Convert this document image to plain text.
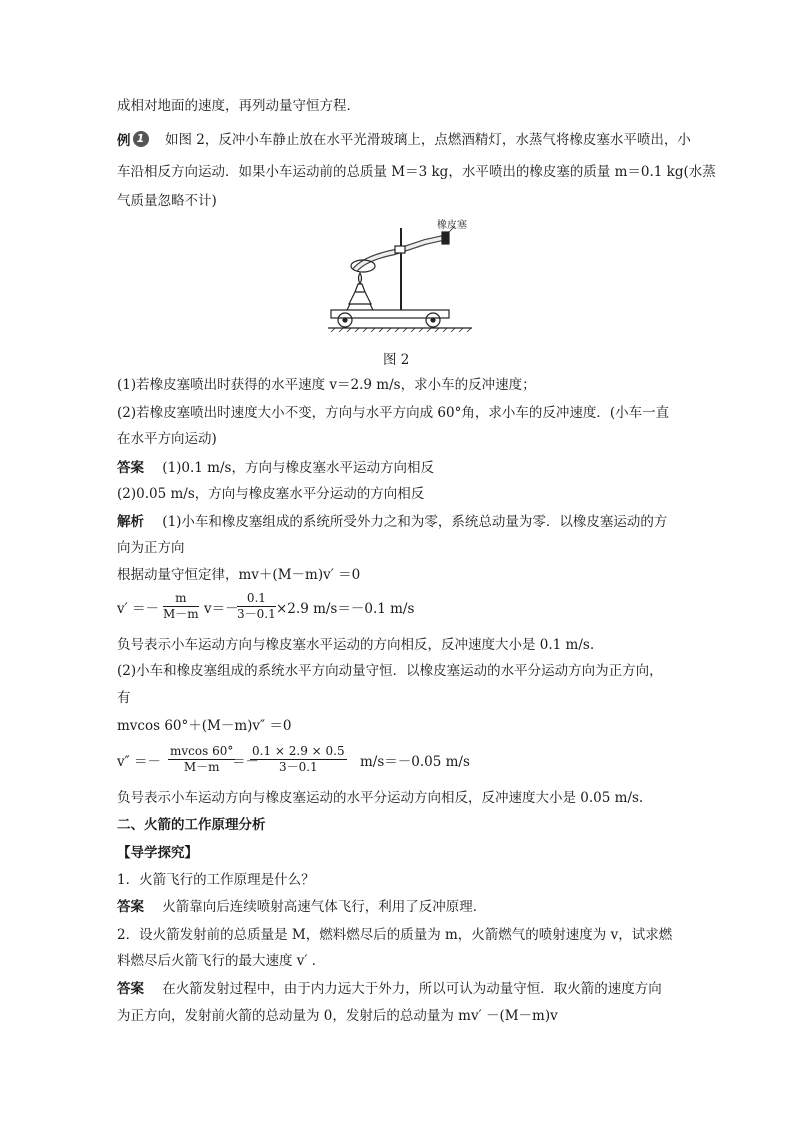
成相对地面的速度，再列动量守恒方程．
例 1	如图 2，反冲小车静止放在水平光滑玻璃上，点燃酒精灯，水蒸气将橡皮塞水平喷出，小
车沿相反方向运动．如果小车运动前的总质量 M＝3 kg，水平喷出的橡皮塞的质量 m＝0.1 kg(水蒸
气质量忽略不计)
橡皮塞
图 2
(1)若橡皮塞喷出时获得的水平速度 v＝2.9 m/s，求小车的反冲速度；
(2)若橡皮塞喷出时速度大小不变，方向与水平方向成 60°角，求小车的反冲速度．(小车一直
在水平方向运动)
答案 (1)0.1 m/s，方向与橡皮塞水平运动方向相反
(2)0.05 m/s，方向与橡皮塞水平分运动的方向相反
解析 (1)小车和橡皮塞组成的系统所受外力之和为零，系统总动量为零．以橡皮塞运动的方
向为正方向
根据动量守恒定律，mv＋(M－m)v′ ＝0
$v' =- \frac{m}{M-m} v=-$
$\frac{0.1}{3-0.1} \times 2.9$ m/s＝－0.1 m/s
负号表示小车运动方向与橡皮塞水平运动的方向相反，反冲速度大小是 0.1 m/s.
(2)小车和橡皮塞组成的系统水平方向动量守恒．以橡皮塞运动的水平分运动方向为正方向，
有
mvcos 60°＋(M－m)v″ ＝0
$v'' =- \frac{mvcos 60^\circ}{M-m}$
＝－
$\frac{0.1 \times 2.9 \times 0.5}{3-0.1} m/s=-0.05$ m/s
负号表示小车运动方向与橡皮塞运动的水平分运动方向相反，反冲速度大小是 0.05 m/s.
二、火箭的工作原理分析
【导学探究】
1．火箭飞行的工作原理是什么？
答案 火箭靠向后连续喷射高速气体飞行，利用了反冲原理．
2．设火箭发射前的总质量是 M，燃料燃尽后的质量为 m，火箭燃气的喷射速度为 v，试求燃
料燃尽后火箭飞行的最大速度 v′ ．
答案 在火箭发射过程中，由于内力远大于外力，所以可认为动量守恒．取火箭的速度方向
为正方向，发射前火箭的总动量为 0，发射后的总动量为 mv′ －(M－m)v
